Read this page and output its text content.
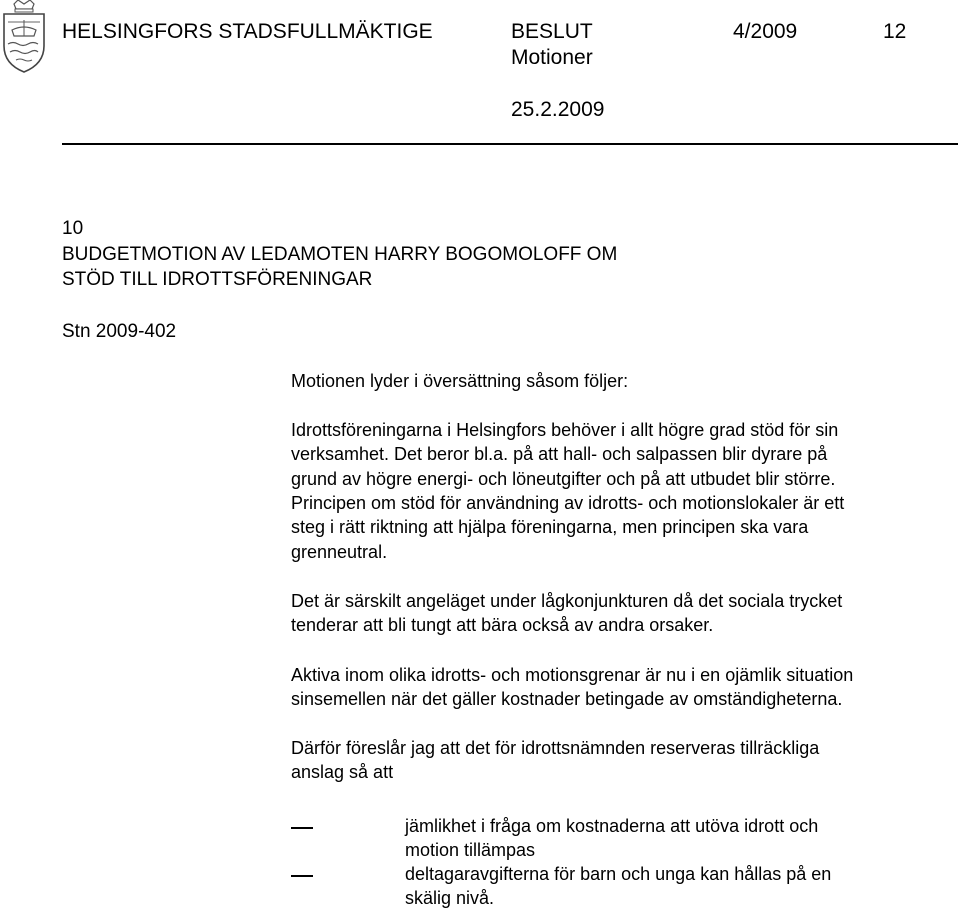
HELSINGFORS STADSFULLMÄKTIGE	BESLUT	4/2009	12
Motioner
25.2.2009
10
BUDGETMOTION AV LEDAMOTEN HARRY BOGOMOLOFF OM
STÖD TILL IDROTTSFÖRENINGAR
Stn 2009-402
Motionen lyder i översättning såsom följer:
Idrottsföreningarna i Helsingfors behöver i allt högre grad stöd för sin
verksamhet. Det beror bl.a. på att hall- och salpassen blir dyrare på
grund av högre energi- och löneutgifter och på att utbudet blir större.
Principen om stöd för användning av idrotts- och motionslokaler är ett
steg i rätt riktning att hjälpa föreningarna, men principen ska vara
grenneutral.
Det är särskilt angeläget under lågkonjunkturen då det sociala trycket
tenderar att bli tungt att bära också av andra orsaker.
Aktiva inom olika idrotts- och motionsgrenar är nu i en ojämlik situation
sinsemellen när det gäller kostnader betingade av omständigheterna.
Därför föreslår jag att det för idrottsnämnden reserveras tillräckliga
anslag så att
jämlikhet i fråga om kostnaderna att utöva idrott och
motion tillämpas
deltagaravgifterna för barn och unga kan hållas på en
skälig nivå.
